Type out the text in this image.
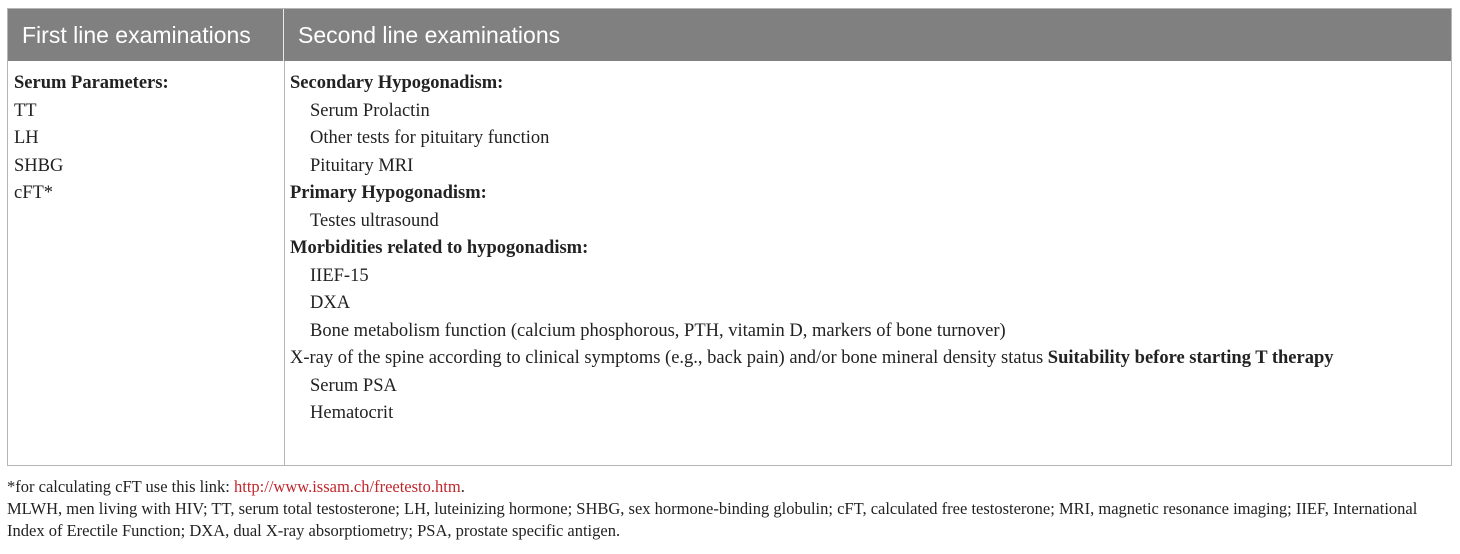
First line examinations	Second line examinations
Serum Parameters:
TT
LH
SHBG
cFT*
Secondary Hypogonadism:
Serum Prolactin
Other tests for pituitary function
Pituitary MRI
Primary Hypogonadism:
Testes ultrasound
Morbidities related to hypogonadism:
IIEF-15
DXA
Bone metabolism function (calcium phosphorous, PTH, vitamin D, markers of bone turnover)
X-ray of the spine according to clinical symptoms (e.g., back pain) and/or bone mineral density status Suitability before starting T therapy
Serum PSA
Hematocrit
*for calculating cFT use this link: http://www.issam.ch/freetesto.htm.
MLWH, men living with HIV; TT, serum total testosterone; LH, luteinizing hormone; SHBG, sex hormone-binding globulin; cFT, calculated free testosterone; MRI, magnetic resonance imaging; IIEF, International Index of Erectile Function; DXA, dual X-ray absorptiometry; PSA, prostate specific antigen.
